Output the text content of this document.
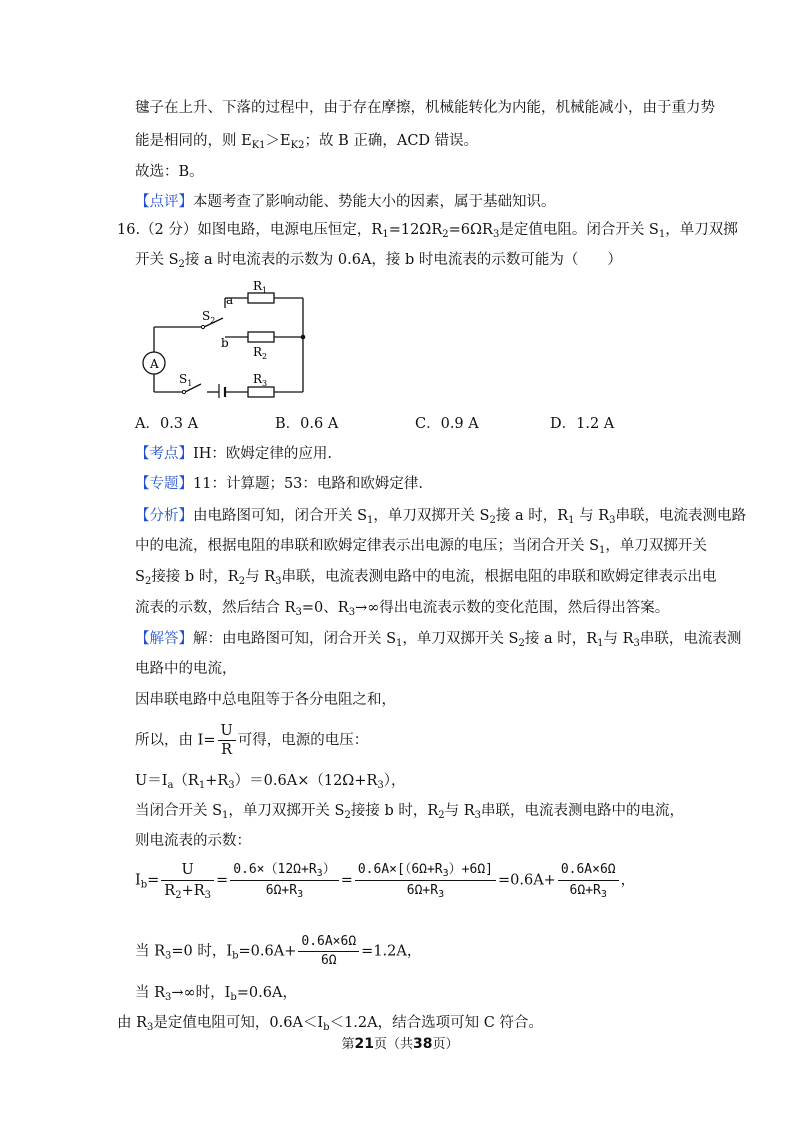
毽子在上升、下落的过程中，由于存在摩擦，机械能转化为内能，机械能减小，由于重力势
能是相同的，则 $E_{K1}>E_{K2}$；故 B 正确，ACD 错误。
故选：B。
【点评】本题考查了影响动能、势能大小的因素，属于基础知识。
16.（2 分）如图电路，电源电压恒定，$R_1=12\Omega R_2=6\Omega R_3$是定值电阻。闭合开关 $S_1$，单刀双掷
开关 $S_2$接 a 时电流表的示数为 0.6A，接 b 时电流表的示数可能为（　　）
A
a
b
$R_1$
$R_2$
$R_3$
$S_2$
$S_1$
A．0.3 A	B．0.6 A	C．0.9 A	D．1.2 A
【考点】IH：欧姆定律的应用.
【专题】11：计算题；53：电路和欧姆定律.
【分析】由电路图可知，闭合开关 $S_1$，单刀双掷开关 $S_2$接 a 时，$R_1$ 与 $R_3$串联，电流表测电路
中的电流，根据电阻的串联和欧姆定律表示出电源的电压；当闭合开关 $S_1$，单刀双掷开关
$S_2$接接 b 时，$R_2$与 $R_3$串联，电流表测电路中的电流，根据电阻的串联和欧姆定律表示出电
流表的示数，然后结合 $R_3=0$、$R_3\to\infty$得出电流表示数的变化范围，然后得出答案。
【解答】解：由电路图可知，闭合开关 $S_1$，单刀双掷开关 $S_2$接 a 时，$R_1$与 $R_3$串联，电流表测
电路中的电流，
因串联电路中总电阻等于各分电阻之和，
所以，由 $I= \frac{U}{R}$ 可得，电源的电压：
$U=I_a(R_1+R_3)=0.6A\times(12\Omega+R_3)$，
当闭合开关 $S_1$，单刀双掷开关 $S_2$接接 b 时，$R_2$与 $R_3$串联，电流表测电路中的电流，
则电流表的示数：
$I_b= \frac{U}{R_2+R_3} = \frac{0.6\times(12\Omega+R_3)}{6\Omega+R_3} = \frac{0.6A\times[(6\Omega+R_3)+6\Omega]}{6\Omega+R_3} =0.6A+ \frac{0.6A\times 6\Omega}{6\Omega+R_3}$ ，
当 $R_3=0$ 时，$I_b=0.6A+ \frac{0.6A\times 6\Omega}{6\Omega} =1.2A$，
当 $R_3\to\infty$时，$I_b=0.6A$，
由 $R_3$是定值电阻可知，$0.6A<I_b<1.2A$，结合选项可知 C 符合。
第21页（共38页）
